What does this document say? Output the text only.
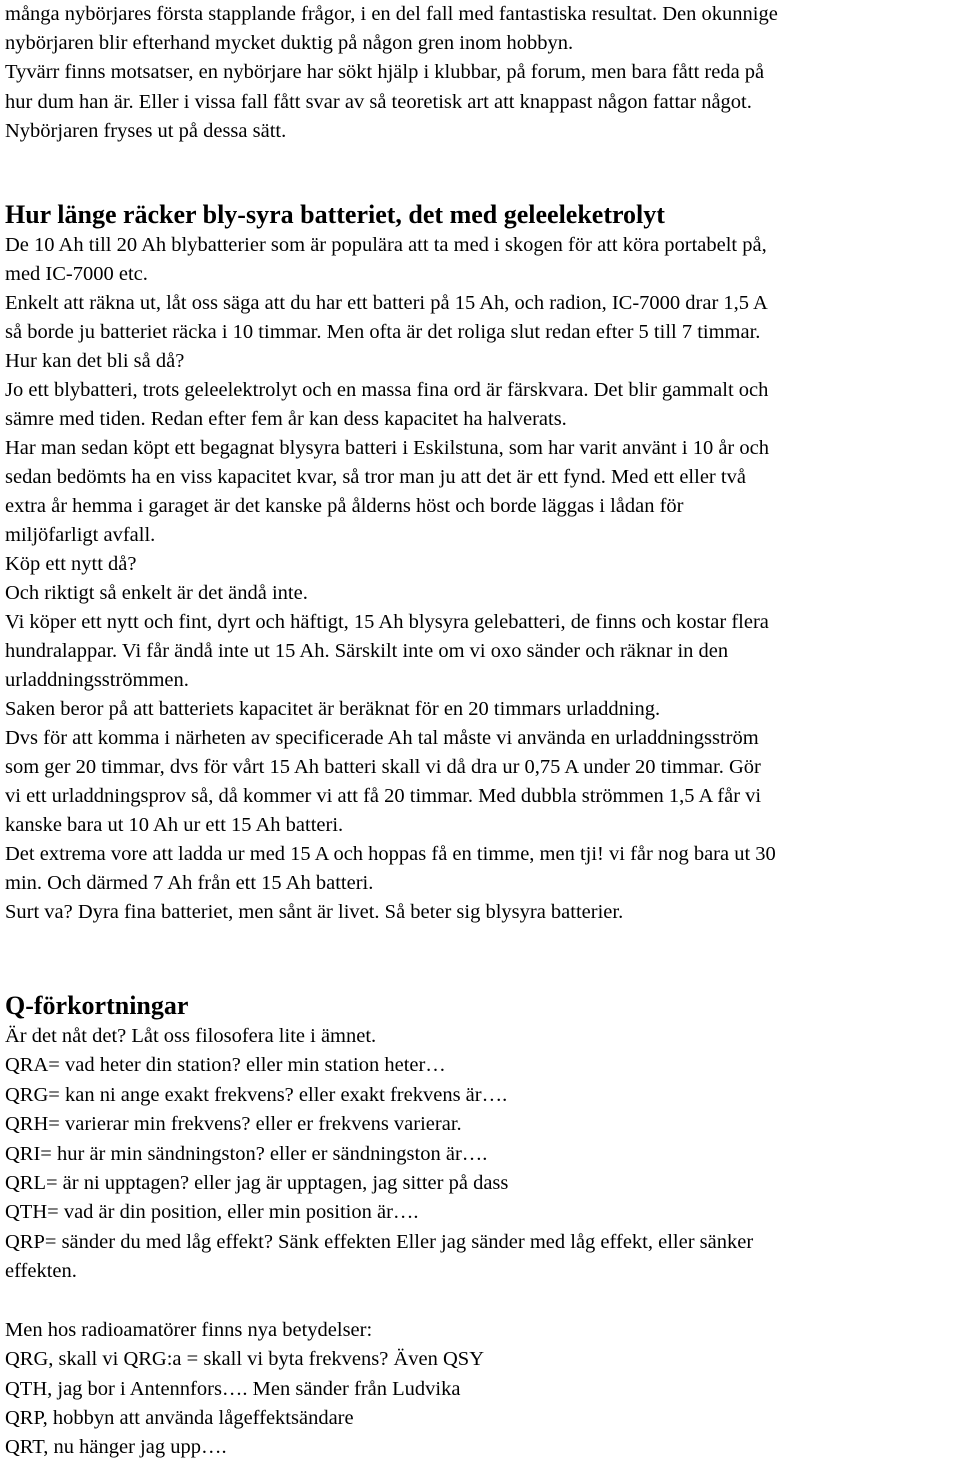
många nybörjares första stapplande frågor, i en del fall med fantastiska resultat. Den okunnige
nybörjaren blir efterhand mycket duktig på någon gren inom hobbyn.
Tyvärr finns motsatser, en nybörjare har sökt hjälp i klubbar, på forum, men bara fått reda på
hur dum han är. Eller i vissa fall fått svar av så teoretisk art att knappast någon fattar något.
Nybörjaren fryses ut på dessa sätt.
Hur länge räcker bly-syra batteriet, det med geleeleketrolyt
De 10 Ah till 20 Ah blybatterier som är populära att ta med i skogen för att köra portabelt på,
med IC-7000 etc.
Enkelt att räkna ut, låt oss säga att du har ett batteri på 15 Ah, och radion, IC-7000 drar 1,5 A
så borde ju batteriet räcka i 10 timmar. Men ofta är det roliga slut redan efter 5 till 7 timmar.
Hur kan det bli så då?
Jo ett blybatteri, trots geleelektrolyt och en massa fina ord är färskvara. Det blir gammalt och
sämre med tiden. Redan efter fem år kan dess kapacitet ha halverats.
Har man sedan köpt ett begagnat blysyra batteri i Eskilstuna, som har varit använt i 10 år och
sedan bedömts ha en viss kapacitet kvar, så tror man ju att det är ett fynd. Med ett eller två
extra år hemma i garaget är det kanske på ålderns höst och borde läggas i lådan för
miljöfarligt avfall.
Köp ett nytt då?
Och riktigt så enkelt är det ändå inte.
Vi köper ett nytt och fint, dyrt och häftigt, 15 Ah blysyra gelebatteri, de finns och kostar flera
hundralappar. Vi får ändå inte ut 15 Ah. Särskilt inte om vi oxo sänder och räknar in den
urladdningsströmmen.
Saken beror på att batteriets kapacitet är beräknat för en 20 timmars urladdning.
Dvs för att komma i närheten av specificerade Ah tal måste vi använda en urladdningsström
som ger 20 timmar, dvs för vårt 15 Ah batteri skall vi då dra ur 0,75 A under 20 timmar. Gör
vi ett urladdningsprov så, då kommer vi att få 20 timmar. Med dubbla strömmen 1,5 A får vi
kanske bara ut 10 Ah ur ett 15 Ah batteri.
Det extrema vore att ladda ur med 15 A och hoppas få en timme, men tji! vi får nog bara ut 30
min. Och därmed 7 Ah från ett 15 Ah batteri.
Surt va? Dyra fina batteriet, men sånt är livet. Så beter sig blysyra batterier.
Q-förkortningar
Är det nåt det? Låt oss filosofera lite i ämnet.
QRA= vad heter din station? eller min station heter…
QRG= kan ni ange exakt frekvens? eller exakt frekvens är….
QRH= varierar min frekvens? eller er frekvens varierar.
QRI= hur är min sändningston? eller er sändningston är….
QRL= är ni upptagen? eller jag är upptagen, jag sitter på dass
QTH= vad är din position, eller min position är….
QRP= sänder du med låg effekt? Sänk effekten Eller jag sänder med låg effekt, eller sänker
effekten.
Men hos radioamatörer finns nya betydelser:
QRG, skall vi QRG:a = skall vi byta frekvens? Även QSY
QTH, jag bor i Antennfors…. Men sänder från Ludvika
QRP, hobbyn att använda lågeffektsändare
QRT, nu hänger jag upp….
